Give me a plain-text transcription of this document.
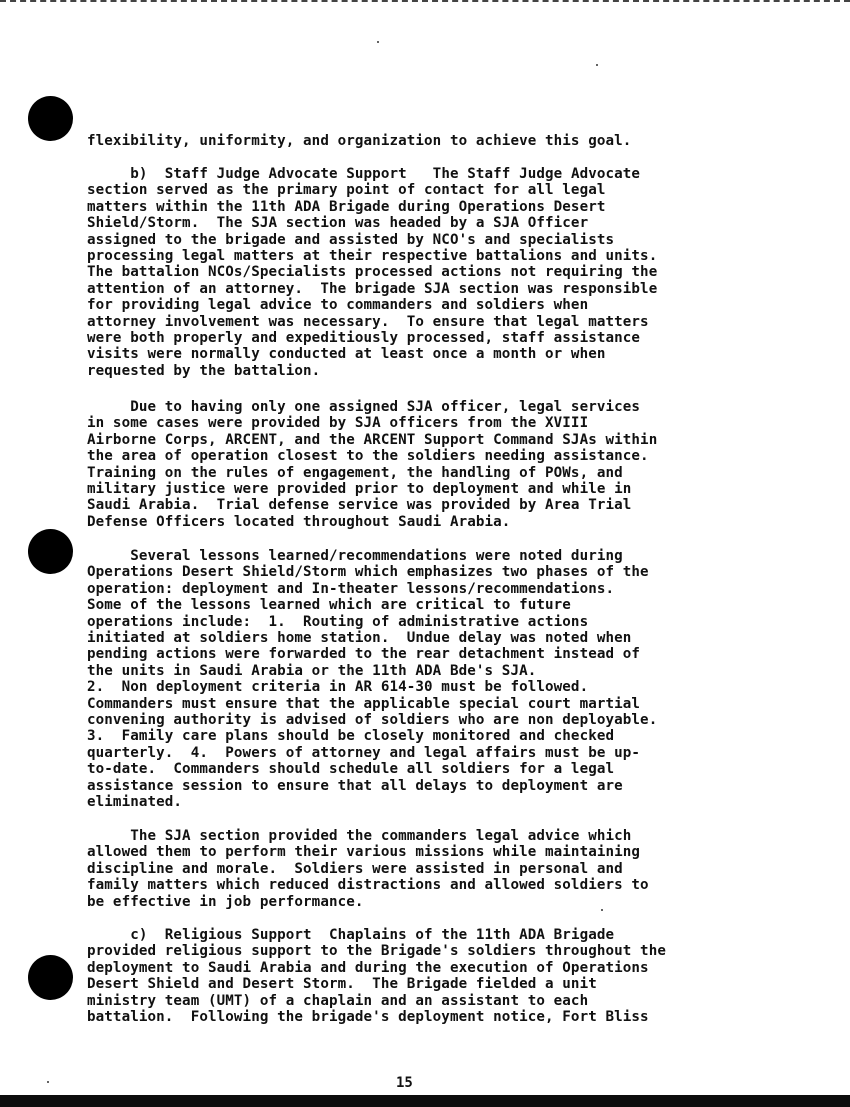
flexibility, uniformity, and organization to achieve this goal.
b)  Staff Judge Advocate Support   The Staff Judge Advocate
section served as the primary point of contact for all legal
matters within the 11th ADA Brigade during Operations Desert
Shield/Storm.  The SJA section was headed by a SJA Officer
assigned to the brigade and assisted by NCO's and specialists
processing legal matters at their respective battalions and units.
The battalion NCOs/Specialists processed actions not requiring the
attention of an attorney.  The brigade SJA section was responsible
for providing legal advice to commanders and soldiers when
attorney involvement was necessary.  To ensure that legal matters
were both properly and expeditiously processed, staff assistance
visits were normally conducted at least once a month or when
requested by the battalion.
Due to having only one assigned SJA officer, legal services
in some cases were provided by SJA officers from the XVIII
Airborne Corps, ARCENT, and the ARCENT Support Command SJAs within
the area of operation closest to the soldiers needing assistance.
Training on the rules of engagement, the handling of POWs, and
military justice were provided prior to deployment and while in
Saudi Arabia.  Trial defense service was provided by Area Trial
Defense Officers located throughout Saudi Arabia.
Several lessons learned/recommendations were noted during
Operations Desert Shield/Storm which emphasizes two phases of the
operation: deployment and In-theater lessons/recommendations.
Some of the lessons learned which are critical to future
operations include:  1.  Routing of administrative actions
initiated at soldiers home station.  Undue delay was noted when
pending actions were forwarded to the rear detachment instead of
the units in Saudi Arabia or the 11th ADA Bde's SJA.
2.  Non deployment criteria in AR 614-30 must be followed.
Commanders must ensure that the applicable special court martial
convening authority is advised of soldiers who are non deployable.
3.  Family care plans should be closely monitored and checked
quarterly.  4.  Powers of attorney and legal affairs must be up-
to-date.  Commanders should schedule all soldiers for a legal
assistance session to ensure that all delays to deployment are
eliminated.
The SJA section provided the commanders legal advice which
allowed them to perform their various missions while maintaining
discipline and morale.  Soldiers were assisted in personal and
family matters which reduced distractions and allowed soldiers to
be effective in job performance.
c)  Religious Support  Chaplains of the 11th ADA Brigade
provided religious support to the Brigade's soldiers throughout the
deployment to Saudi Arabia and during the execution of Operations
Desert Shield and Desert Storm.  The Brigade fielded a unit
ministry team (UMT) of a chaplain and an assistant to each
battalion.  Following the brigade's deployment notice, Fort Bliss

15
